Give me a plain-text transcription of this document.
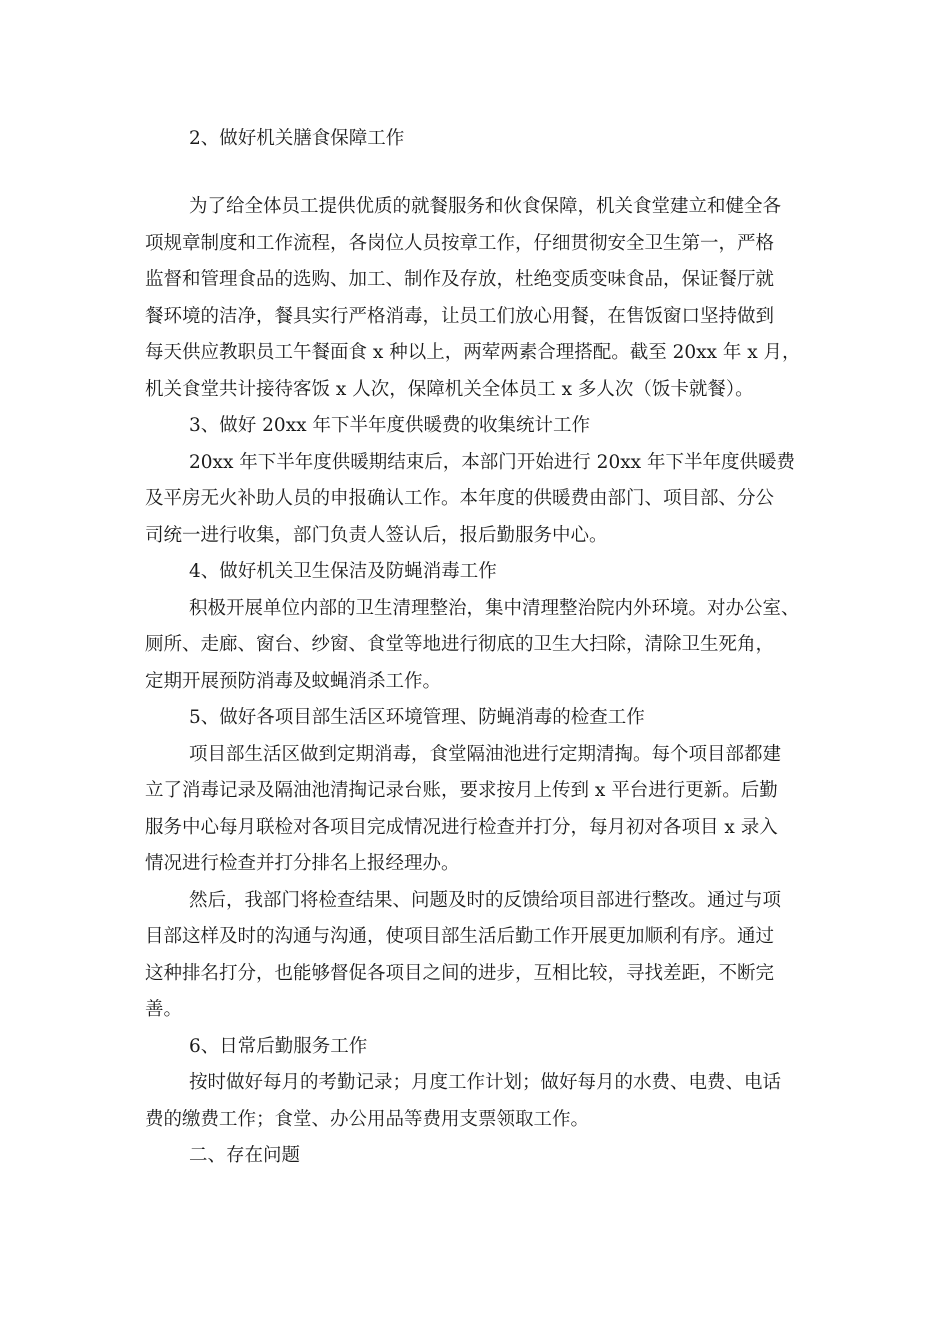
2、做好机关膳食保障工作
为了给全体员工提供优质的就餐服务和伙食保障，机关食堂建立和健全各
项规章制度和工作流程，各岗位人员按章工作，仔细贯彻安全卫生第一，严格
监督和管理食品的选购、加工、制作及存放，杜绝变质变味食品，保证餐厅就
餐环境的洁净，餐具实行严格消毒，让员工们放心用餐，在售饭窗口坚持做到
每天供应教职员工午餐面食 x 种以上，两荤两素合理搭配。截至 20xx 年 x 月，
机关食堂共计接待客饭 x 人次，保障机关全体员工 x 多人次（饭卡就餐）。
3、做好 20xx 年下半年度供暖费的收集统计工作
20xx 年下半年度供暖期结束后，本部门开始进行 20xx 年下半年度供暖费
及平房无火补助人员的申报确认工作。本年度的供暖费由部门、项目部、分公
司统一进行收集，部门负责人签认后，报后勤服务中心。
4、做好机关卫生保洁及防蝇消毒工作
积极开展单位内部的卫生清理整治，集中清理整治院内外环境。对办公室、
厕所、走廊、窗台、纱窗、食堂等地进行彻底的卫生大扫除，清除卫生死角，
定期开展预防消毒及蚊蝇消杀工作。
5、做好各项目部生活区环境管理、防蝇消毒的检查工作
项目部生活区做到定期消毒，食堂隔油池进行定期清掏。每个项目部都建
立了消毒记录及隔油池清掏记录台账，要求按月上传到 x 平台进行更新。后勤
服务中心每月联检对各项目完成情况进行检查并打分，每月初对各项目 x 录入
情况进行检查并打分排名上报经理办。
然后，我部门将检查结果、问题及时的反馈给项目部进行整改。通过与项
目部这样及时的沟通与沟通，使项目部生活后勤工作开展更加顺利有序。通过
这种排名打分，也能够督促各项目之间的进步，互相比较，寻找差距，不断完
善。
6、日常后勤服务工作
按时做好每月的考勤记录；月度工作计划；做好每月的水费、电费、电话
费的缴费工作；食堂、办公用品等费用支票领取工作。
二、存在问题
